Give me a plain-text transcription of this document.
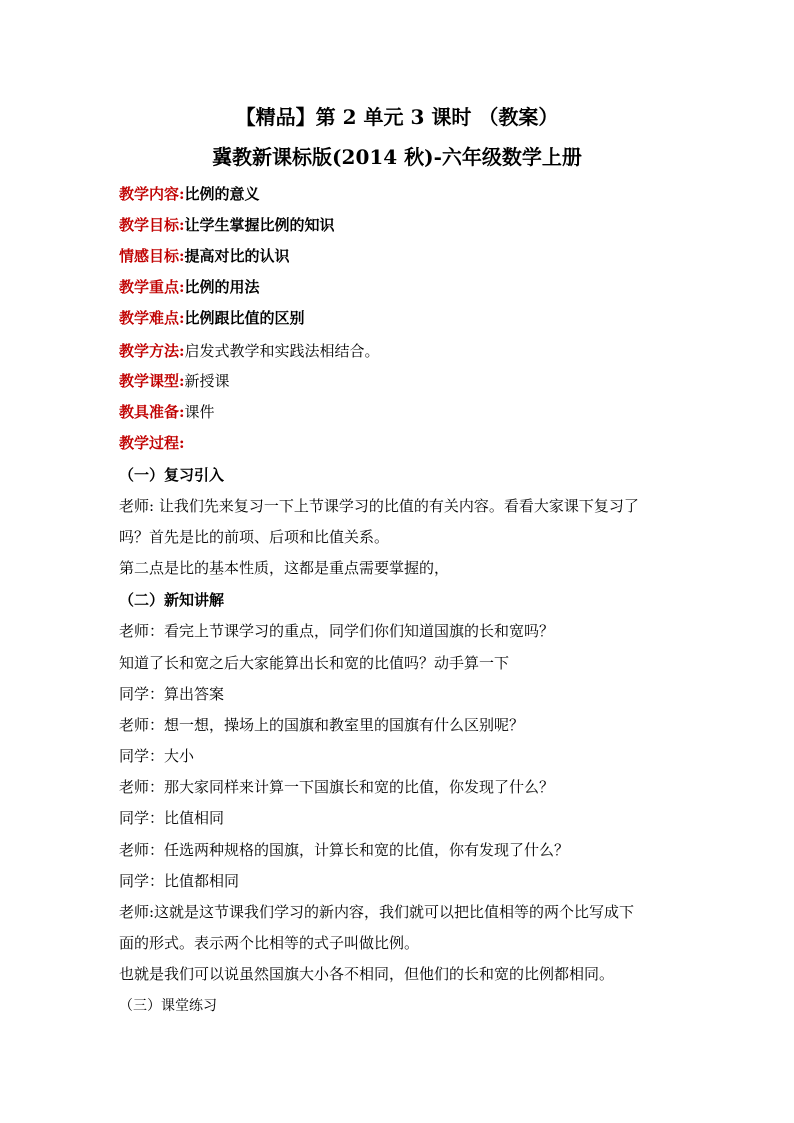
【精品】第 2 单元 3 课时 （教案）
冀教新课标版(2014 秋)-六年级数学上册
教学内容:比例的意义
教学目标:让学生掌握比例的知识
情感目标:提高对比的认识
教学重点:比例的用法
教学难点:比例跟比值的区别
教学方法:启发式教学和实践法相结合。
教学课型:新授课
教具准备:课件
教学过程:
（一）复习引入
老师: 让我们先来复习一下上节课学习的比值的有关内容。看看大家课下复习了
吗？首先是比的前项、后项和比值关系。
第二点是比的基本性质，这都是重点需要掌握的，
（二）新知讲解
老师：看完上节课学习的重点，同学们你们知道国旗的长和宽吗？
知道了长和宽之后大家能算出长和宽的比值吗？动手算一下
同学：算出答案
老师：想一想，操场上的国旗和教室里的国旗有什么区别呢？
同学：大小
老师：那大家同样来计算一下国旗长和宽的比值，你发现了什么？
同学：比值相同
老师：任选两种规格的国旗，计算长和宽的比值，你有发现了什么？
同学：比值都相同
老师:这就是这节课我们学习的新内容，我们就可以把比值相等的两个比写成下
面的形式。表示两个比相等的式子叫做比例。
也就是我们可以说虽然国旗大小各不相同，但他们的长和宽的比例都相同。
（三）课堂练习
